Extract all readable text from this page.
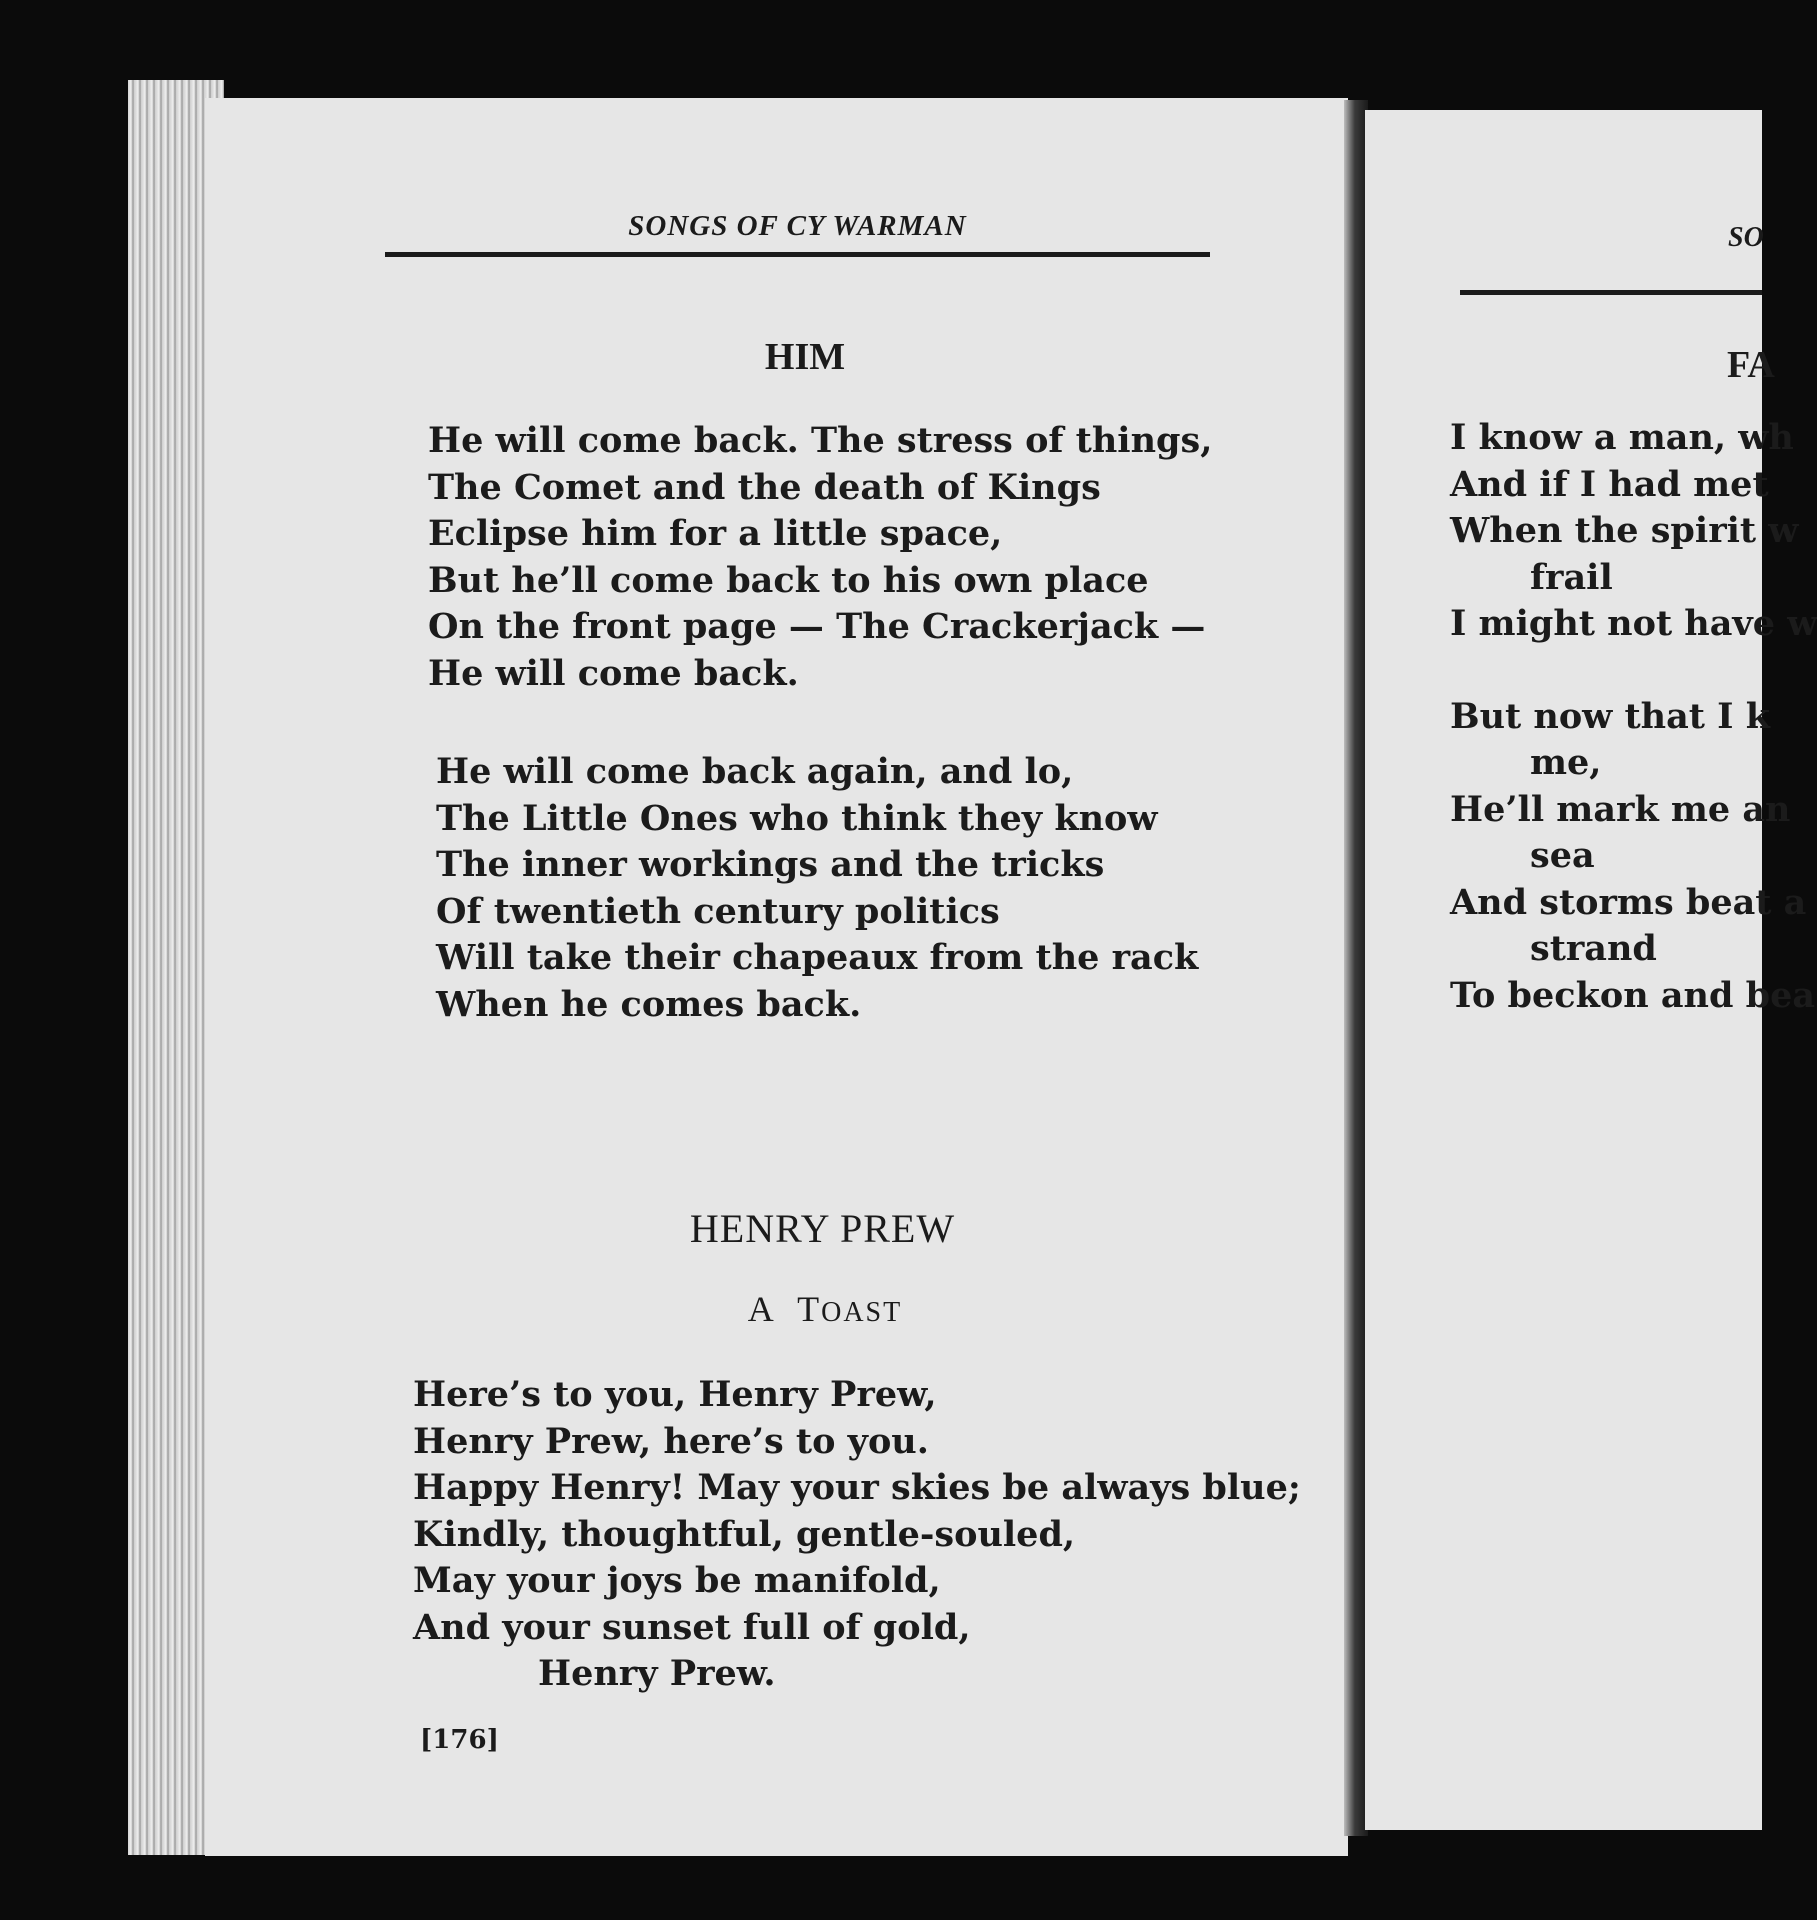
SONGS OF CY WARMAN
HIM
He will come back. The stress of things,
The Comet and the death of Kings
Eclipse him for a little space,
But he’ll come back to his own place
On the front page — The Crackerjack —
He will come back.
He will come back again, and lo,
The Little Ones who think they know
The inner workings and the tricks
Of twentieth century politics
Will take their chapeaux from the rack
When he comes back.
HENRY PREW
A TOAST
Here’s to you, Henry Prew,
Henry Prew, here’s to you.
Happy Henry! May your skies be always blue;
Kindly, thoughtful, gentle-souled,
May your joys be manifold,
And your sunset full of gold,
Henry Prew.
[176]
SO
FA
I know a man, wh
And if I had met
When the spirit w
frail
I might not have w
But now that I k
me,
He’ll mark me an
sea
And storms beat a
strand
To beckon and bea
